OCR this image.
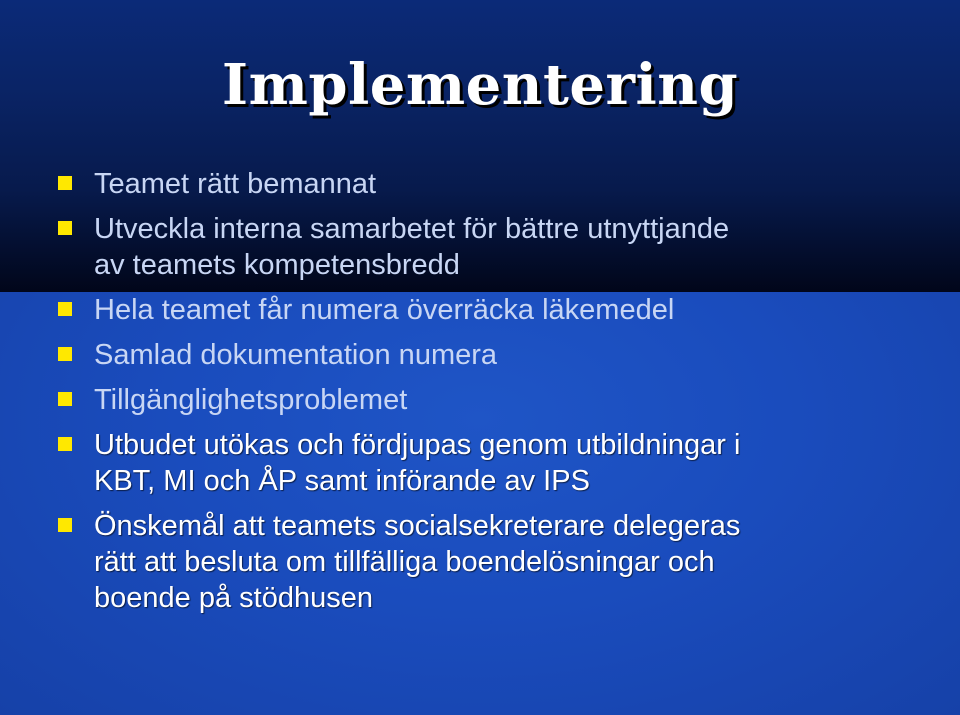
Implementering
Teamet rätt bemannat
Utveckla interna samarbetet för bättre utnyttjande
av teamets kompetensbredd
Hela teamet får numera överräcka läkemedel
Samlad dokumentation numera
Tillgänglighetsproblemet
Utbudet utökas och fördjupas genom utbildningar i
KBT, MI och ÅP samt införande av IPS
Önskemål att teamets socialsekreterare delegeras
rätt att besluta om tillfälliga boendelösningar och
boende på stödhusen
